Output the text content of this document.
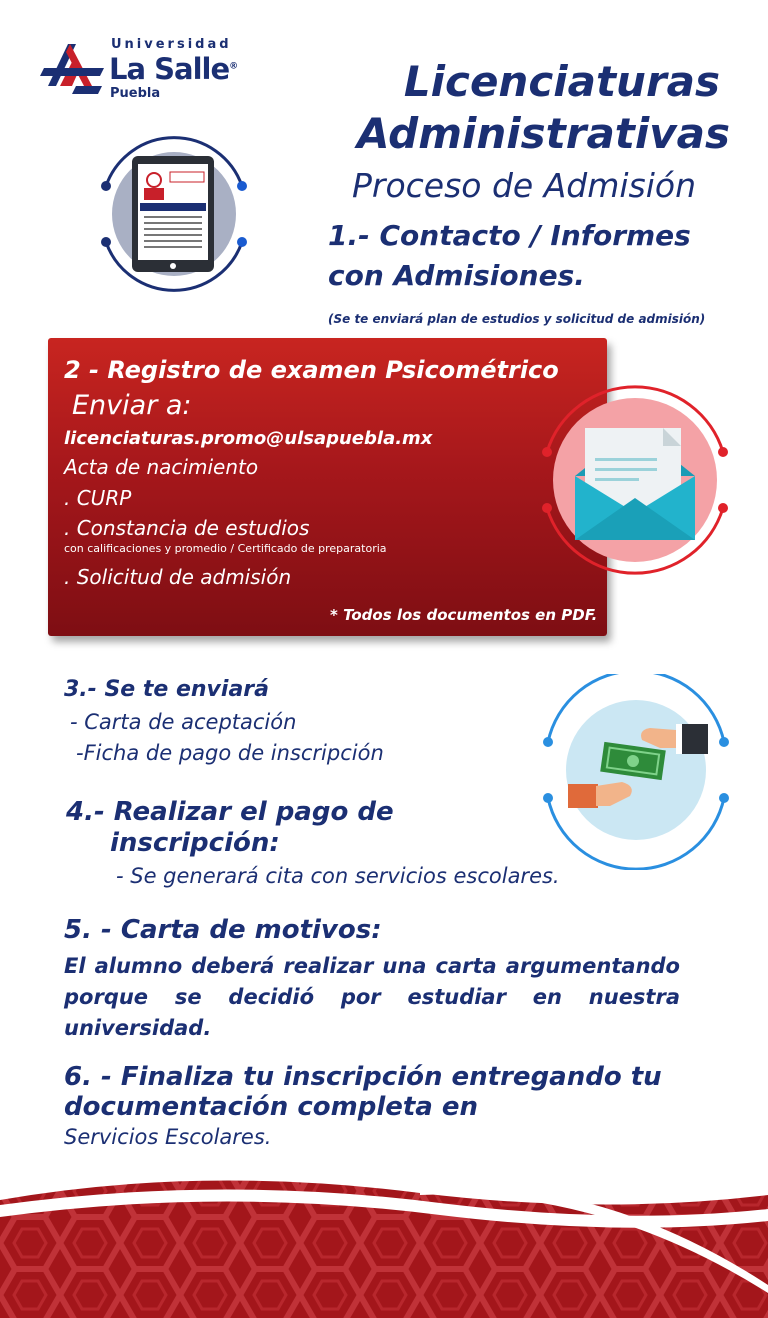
Universidad
La Salle®
Puebla	Licenciaturas
Administrativas
Proceso de Admisión
1.- Contacto / Informes con Admisiones.
(Se te enviará plan de estudios y solicitud de admisión)
2 - Registro de examen Psicométrico
Enviar a:
licenciaturas.promo@ulsapuebla.mx
Acta de nacimiento
. CURP
. Constancia de estudios
con calificaciones y promedio / Certificado de preparatoria
. Solicitud de admisión
* Todos los documentos en PDF.
3.- Se te enviará
- Carta de aceptación
-Ficha de pago de inscripción
4.- Realizar el pago de
inscripción:
- Se generará cita con servicios escolares.
5. - Carta de motivos:
El alumno deberá realizar una carta argumentando porque se decidió por estudiar en nuestra universidad.
6. - Finaliza tu inscripción entregando tu documentación completa en
Servicios Escolares.
